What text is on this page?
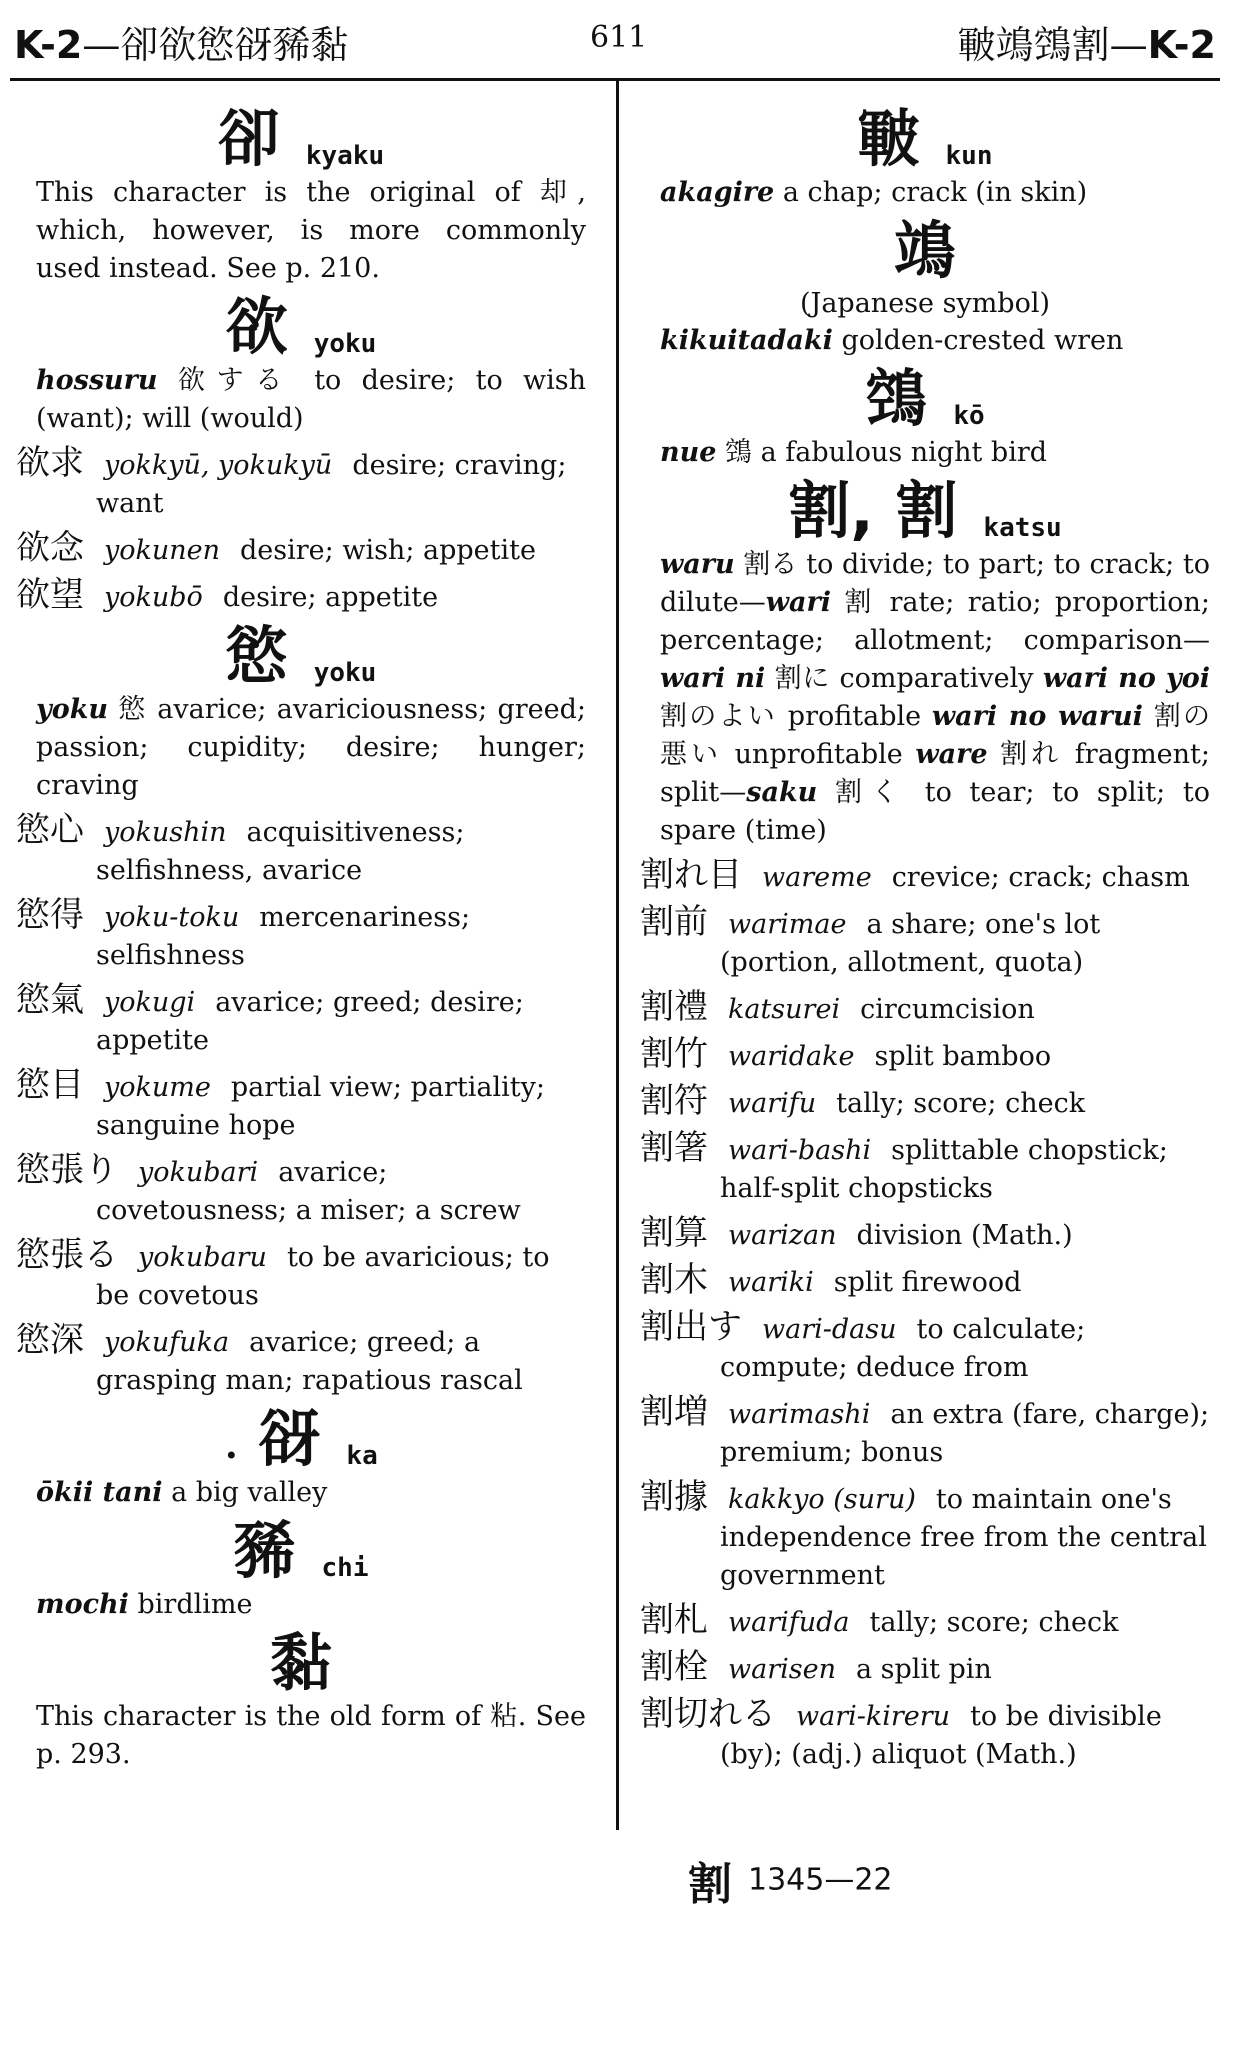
K-2—卻欲慾谺豨黏	611	皸鴗鵼割—K-2
卻 kyaku

This character is the original of 却, which, however, is more commonly used instead. See p. 210.

欲 yoku

hossuru 欲する to desire; to wish (want); will (would)

欲求 yokkyū, yokukyū desire; craving; want
欲念 yokunen desire; wish; appetite
欲望 yokubō desire; appetite
慾 yoku

yoku 慾 avarice; avariciousness; greed; passion; cupidity; desire; hunger; craving

慾心 yokushin acquisitiveness; selfishness, avarice
慾得 yoku-toku mercenariness; selfishness
慾氣 yokugi avarice; greed; desire; appetite
慾目 yokume partial view; partiality; sanguine hope
慾張り yokubari avarice; covetousness; a miser; a screw
慾張る yokubaru to be avaricious; to be covetous
慾深 yokufuka avarice; greed; a grasping man; rapatious rascal
• 谺 ka

ōkii tani a big valley

豨 chi

mochi birdlime

黏

This character is the old form of 粘. See p. 293.

皸 kun

akagire a chap; crack (in skin)

鴗
(Japanese symbol)

kikuitadaki golden-crested wren

鵼 kō

nue 鵼 a fabulous night bird

割, 割 katsu

waru 割る to divide; to part; to crack; to dilute—wari 割 rate; ratio; proportion; percentage; allotment; comparison—wari ni 割に comparatively wari no yoi 割のよい profitable wari no warui 割の悪い unprofitable ware 割れ fragment; split—saku 割く to tear; to split; to spare (time)

割れ目 wareme crevice; crack; chasm
割前 warimae a share; one's lot (portion, allotment, quota)
割禮 katsurei circumcision
割竹 waridake split bamboo
割符 warifu tally; score; check
割箸 wari-bashi splittable chopstick; half-split chopsticks
割算 warizan division (Math.)
割木 wariki split firewood
割出す wari-dasu to calculate; compute; deduce from
割増 warimashi an extra (fare, charge); premium; bonus
割據 kakkyo (suru) to maintain one's independence free from the central government
割札 warifuda tally; score; check
割栓 warisen a split pin
割切れる wari-kireru to be divisible (by); (adj.) aliquot (Math.)
割 1345—22
